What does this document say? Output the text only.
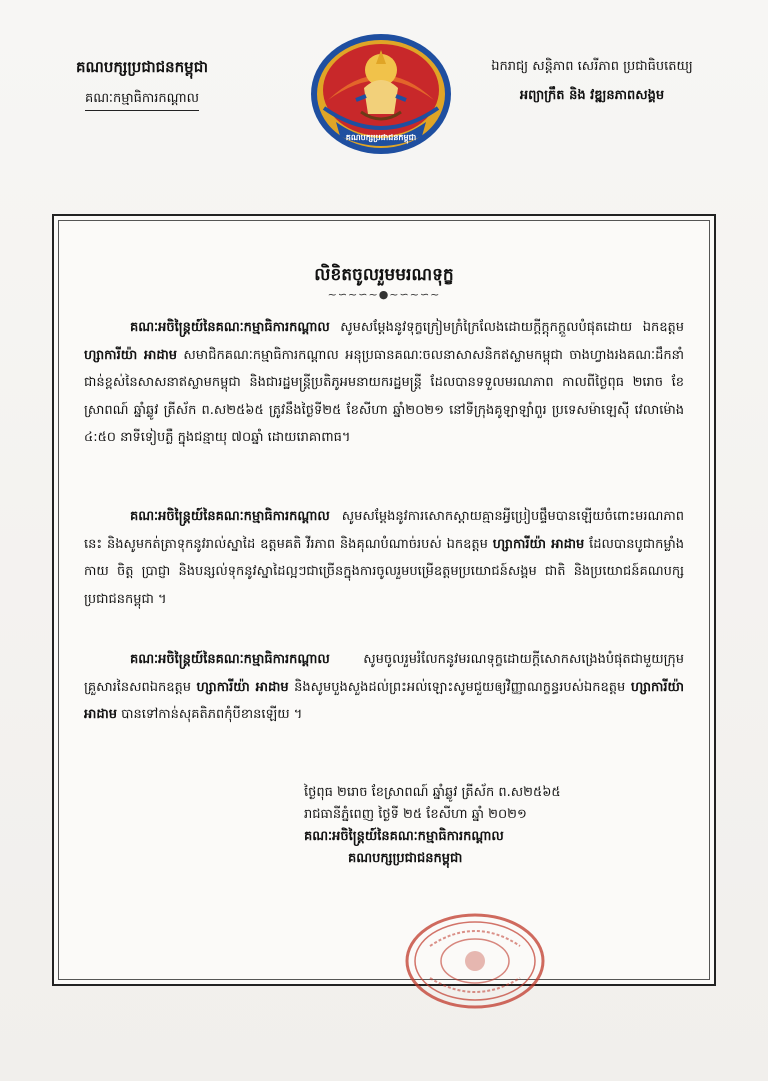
គណបក្សប្រជាជនកម្ពុជា
គណៈកម្មាធិការកណ្ដាល
គណបក្សប្រជាជនកម្ពុជា
ឯករាជ្យ សន្តិភាព សេរីភាព ប្រជាធិបតេយ្យ
អព្យាក្រឹត និង វឌ្ឍនភាពសង្គម
លិខិតចូលរួមមរណទុក្ខ
~∽~∽~●~∽~∽~
គណៈអចិន្ត្រៃយ៍នៃគណៈកម្មាធិការកណ្ដាល សូមសម្ដែងនូវទុក្ខក្រៀមក្រំក្រៃលែងដោយក្ដីក្ដុកក្ដួលបំផុតដោយ ឯកឧត្ដម ហ្សាការីយ៉ា អាដាម សមាជិកគណៈកម្មាធិការកណ្ដាល អនុប្រធានគណៈចលនាសាសនិកឥស្លាមកម្ពុជា ចាងហ្វាងរងគណៈដឹកនាំជាន់ខ្ពស់នៃសាសនាឥស្លាមកម្ពុជា និងជារដ្ឋមន្ត្រីប្រតិភូអមនាយករដ្ឋមន្ត្រី ដែលបានទទួលមរណភាព កាលពីថ្ងៃពុធ ២រោច ខែស្រាពណ៍ ឆ្នាំឆ្លូវ ត្រីស័ក ព.ស២៥៦៥ ត្រូវនឹងថ្ងៃទី២៥ ខែសីហា ឆ្នាំ២០២១ នៅទីក្រុងគូឡាឡាំពួរ ប្រទេសម៉ាឡេស៊ី វេលាម៉ោង ៤:៥០ នាទីទៀបភ្លឺ ក្នុងជន្មាយុ ៧០ឆ្នាំ ដោយរោគាពាធ។
គណៈអចិន្ត្រៃយ៍នៃគណៈកម្មាធិការកណ្ដាល សូមសម្ដែងនូវការសោកស្ដាយគ្មានអ្វីប្រៀបផ្ទឹមបានឡើយចំពោះមរណភាពនេះ និងសូមកត់ត្រាទុកនូវរាល់ស្នាដៃ ឧត្តមគតិ វីរភាព និងគុណបំណាច់របស់ ឯកឧត្ដម ហ្សាការីយ៉ា អាដាម ដែលបានបូជាកម្លាំងកាយ ចិត្ត ប្រាជ្ញា និងបន្សល់ទុកនូវស្នាដៃល្អៗជាច្រើនក្នុងការចូលរួមបម្រើឧត្តមប្រយោជន៍សង្គម ជាតិ និងប្រយោជន៍គណបក្សប្រជាជនកម្ពុជា ។
គណៈអចិន្ត្រៃយ៍នៃគណៈកម្មាធិការកណ្ដាល សូមចូលរួមរំលែកនូវមរណទុក្ខដោយក្ដីសោកសង្រេងបំផុតជាមួយក្រុមគ្រួសារនៃសពឯកឧត្ដម ហ្សាការីយ៉ា អាដាម និងសូមបួងសួងដល់ព្រះអល់ឡោះសូមជួយឲ្យវិញ្ញាណក្ខន្ធរបស់ឯកឧត្តម ហ្សាការីយ៉ា អាដាម បានទៅកាន់សុគតិភពកុំបីខានឡើយ ។
ថ្ងៃពុធ ២រោច ខែស្រាពណ៍ ឆ្នាំឆ្លូវ ត្រីស័ក ព.ស២៥៦៥
រាជធានីភ្នំពេញ ថ្ងៃទី ២៥ ខែសីហា ឆ្នាំ ២០២១
គណៈអចិន្ត្រៃយ៍នៃគណៈកម្មាធិការកណ្ដាល
គណបក្សប្រជាជនកម្ពុជា
